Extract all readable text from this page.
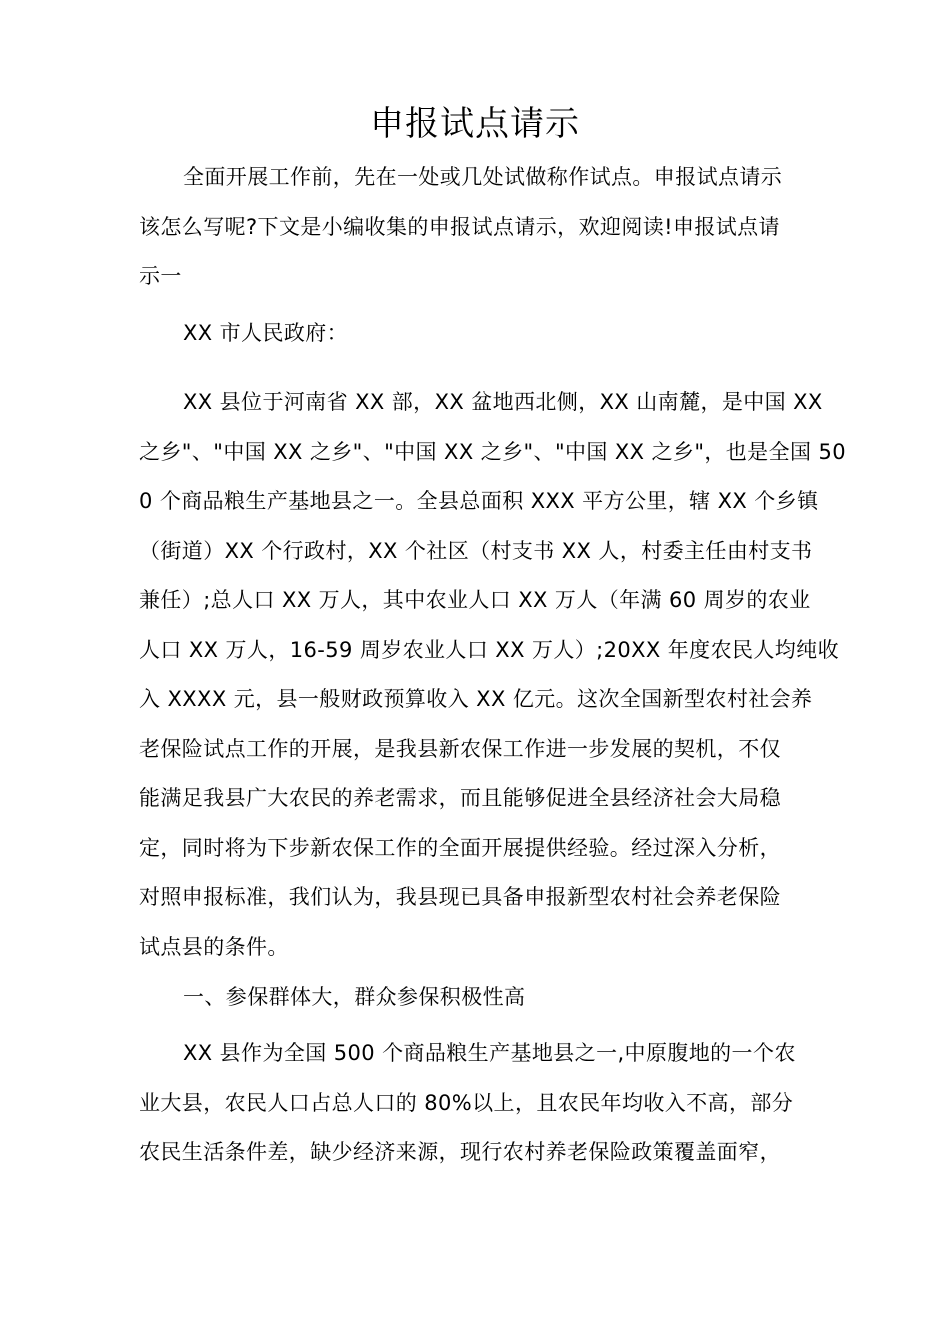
申报试点请示
全面开展工作前，先在一处或几处试做称作试点。申报试点请示
该怎么写呢?下文是小编收集的申报试点请示，欢迎阅读!申报试点请
示一
XX 市人民政府：
XX 县位于河南省 XX 部，XX 盆地西北侧，XX 山南麓，是中国 XX
之乡"、"中国 XX 之乡"、"中国 XX 之乡"、"中国 XX 之乡"，也是全国 50
0 个商品粮生产基地县之一。全县总面积 XXX 平方公里，辖 XX 个乡镇
（街道）XX 个行政村，XX 个社区（村支书 XX 人，村委主任由村支书
兼任）;总人口 XX 万人，其中农业人口 XX 万人（年满 60 周岁的农业
人口 XX 万人，16-59 周岁农业人口 XX 万人）;20XX 年度农民人均纯收
入 XXXX 元，县一般财政预算收入 XX 亿元。这次全国新型农村社会养
老保险试点工作的开展，是我县新农保工作进一步发展的契机，不仅
能满足我县广大农民的养老需求，而且能够促进全县经济社会大局稳
定，同时将为下步新农保工作的全面开展提供经验。经过深入分析，
对照申报标准，我们认为，我县现已具备申报新型农村社会养老保险
试点县的条件。
一、参保群体大，群众参保积极性高
XX 县作为全国 500 个商品粮生产基地县之一,中原腹地的一个农
业大县，农民人口占总人口的 80%以上，且农民年均收入不高，部分
农民生活条件差，缺少经济来源，现行农村养老保险政策覆盖面窄，
